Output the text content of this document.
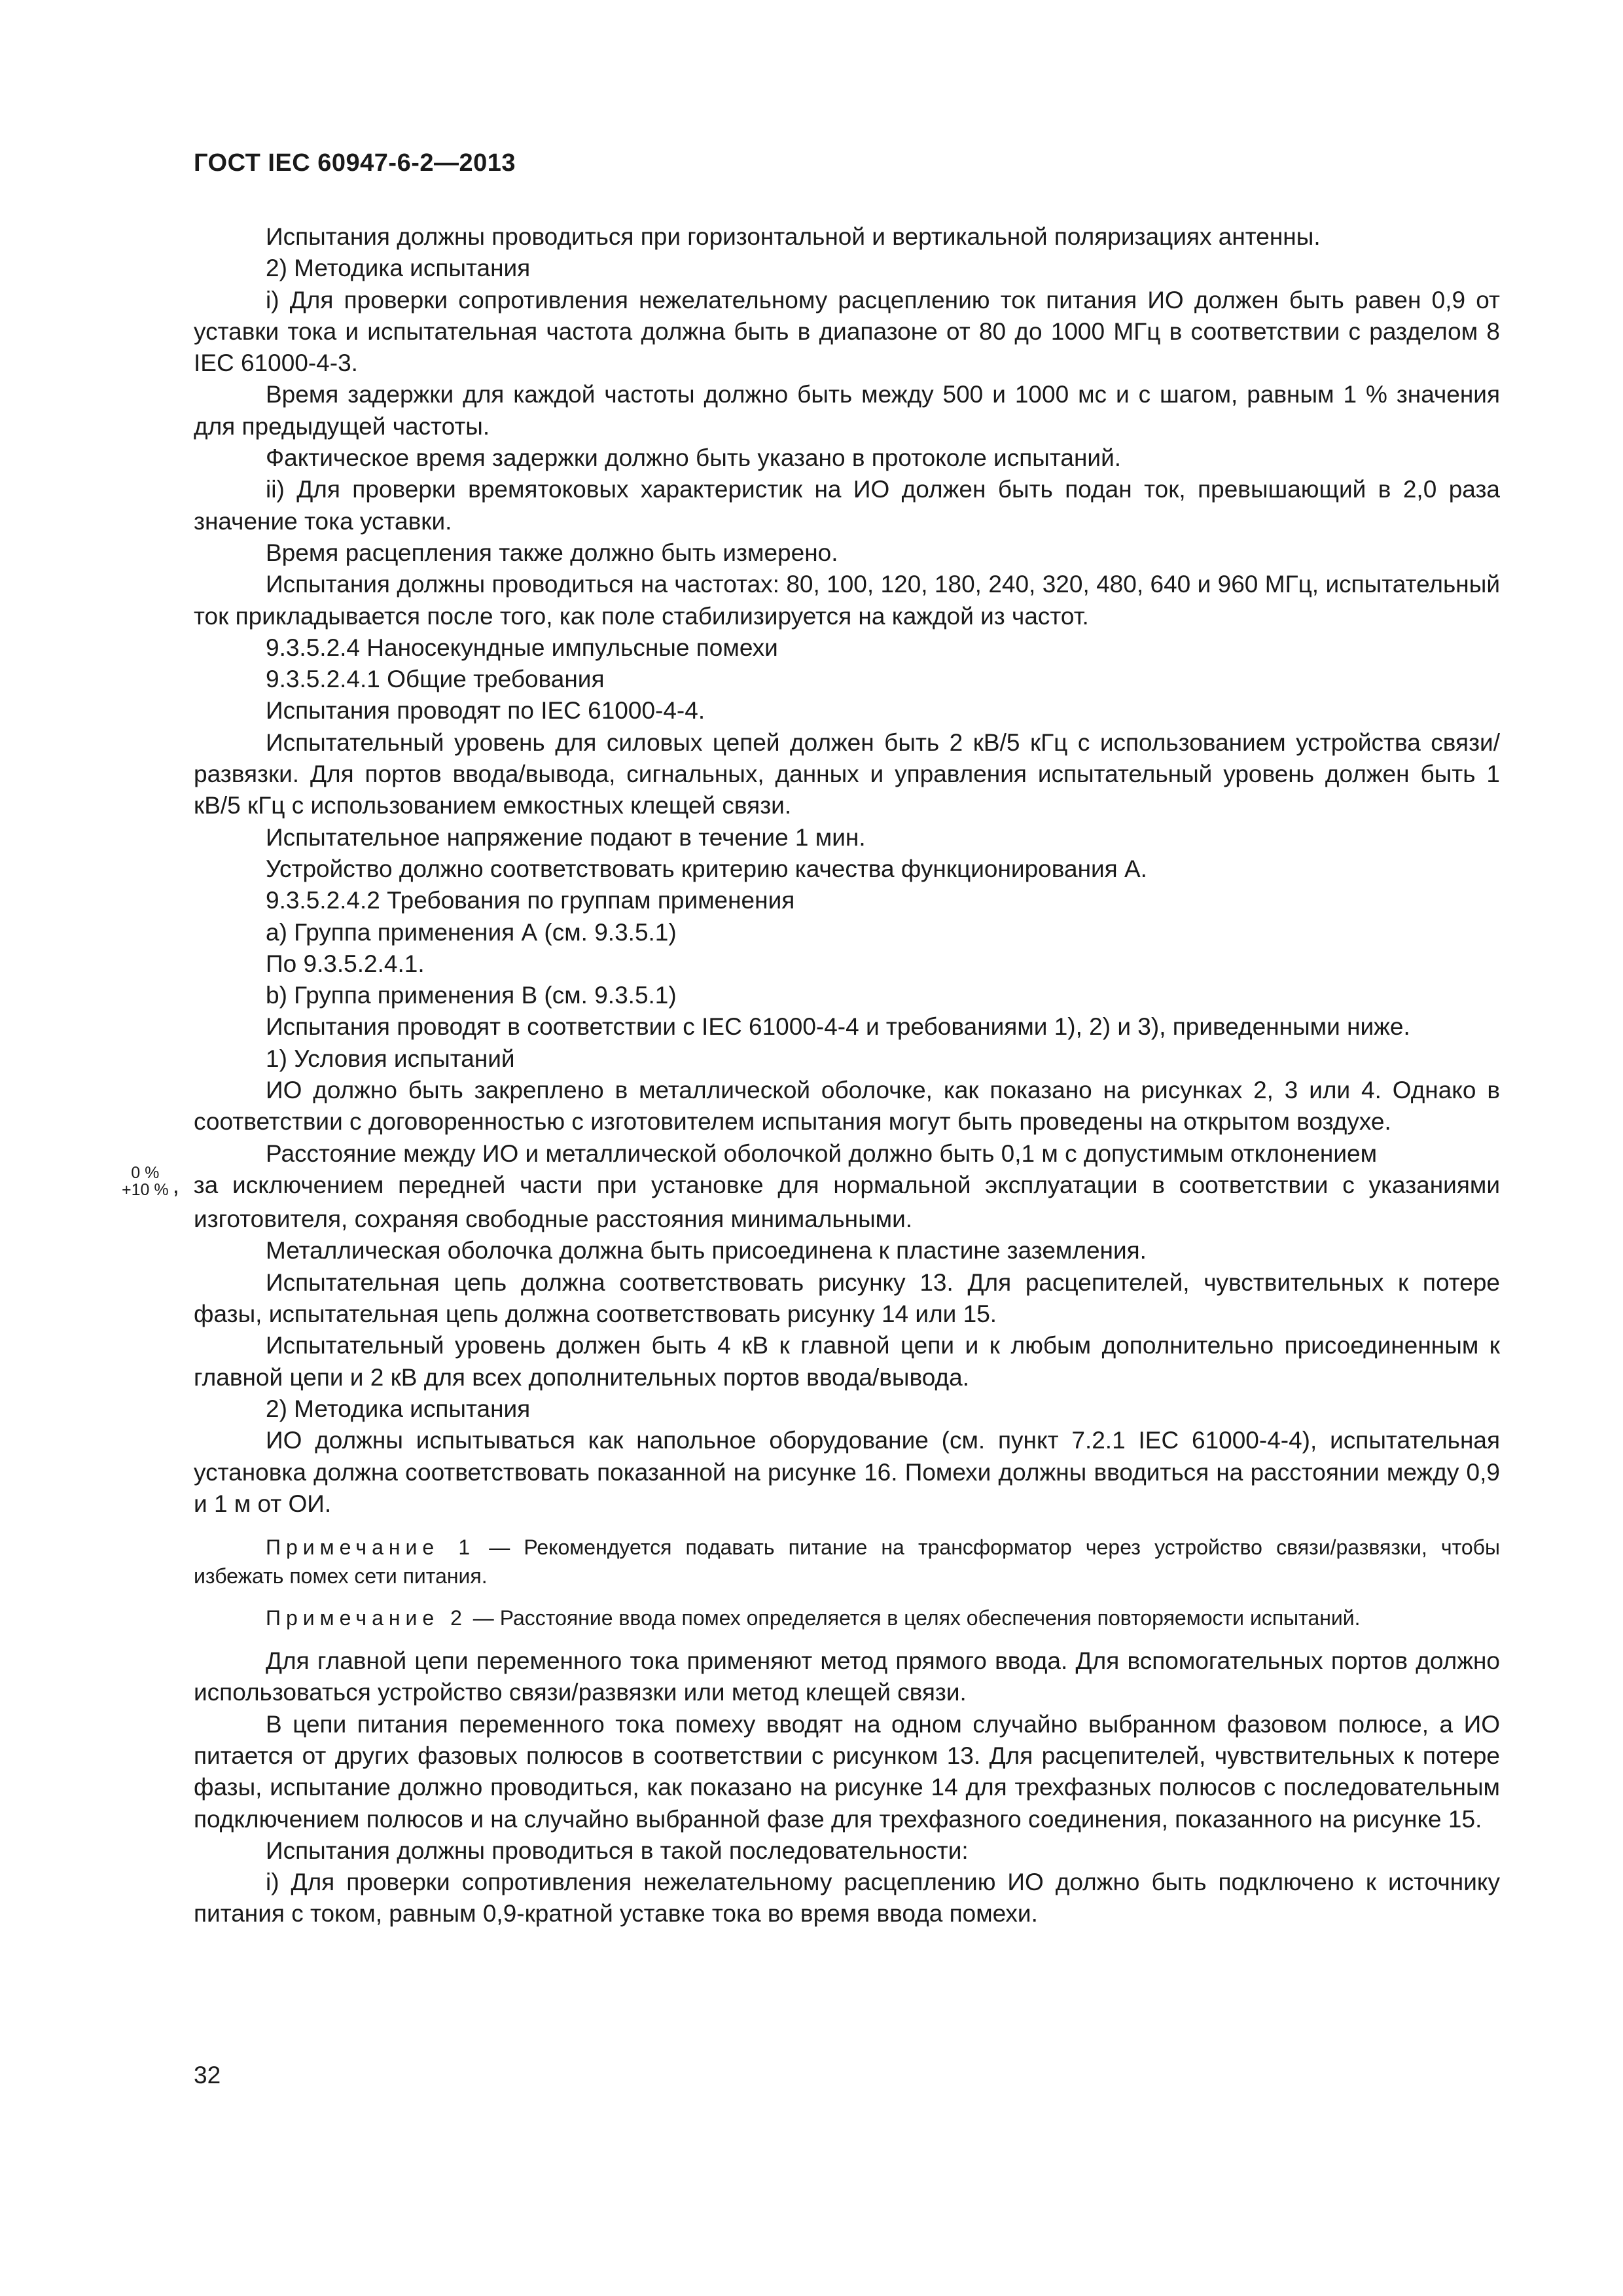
ГОСТ IEC 60947-6-2—2013

Испытания должны проводиться при горизонтальной и вертикальной поляризациях антенны.

2) Методика испытания

i) Для проверки сопротивления нежелательному расцеплению ток питания ИО должен быть равен 0,9 от уставки тока и испытательная частота должна быть в диапазоне от 80 до 1000 МГц в соответствии с разделом 8 IEC 61000-4-3.

Время задержки для каждой частоты должно быть между 500 и 1000 мс и с шагом, равным 1 % значения для предыдущей частоты.

Фактическое время задержки должно быть указано в протоколе испытаний.

ii) Для проверки времятоковых характеристик на ИО должен быть подан ток, превышающий в 2,0 раза значение тока уставки.

Время расцепления также должно быть измерено.

Испытания должны проводиться на частотах: 80, 100, 120, 180, 240, 320, 480, 640 и 960 МГц, испытательный ток прикладывается после того, как поле стабилизируется на каждой из частот.

9.3.5.2.4 Наносекундные импульсные помехи

9.3.5.2.4.1 Общие требования

Испытания проводят по IEC 61000-4-4.

Испытательный уровень для силовых цепей должен быть 2 кВ/5 кГц с использованием устройства связи/развязки. Для портов ввода/вывода, сигнальных, данных и управления испытательный уровень должен быть 1 кВ/5 кГц с использованием емкостных клещей связи.

Испытательное напряжение подают в течение 1 мин.

Устройство должно соответствовать критерию качества функционирования А.

9.3.5.2.4.2 Требования по группам применения

а) Группа применения А (см. 9.3.5.1)

По 9.3.5.2.4.1.

b) Группа применения В (см. 9.3.5.1)

Испытания проводят в соответствии с IEC 61000-4-4 и требованиями 1), 2) и 3), приведенными ниже.

1) Условия испытаний

ИО должно быть закреплено в металлической оболочке, как показано на рисунках 2, 3 или 4. Однако в соответствии с договоренностью с изготовителем испытания могут быть проведены на открытом воздухе.

Расстояние между ИО и металлической оболочкой должно быть 0,1 м с допустимым отклонением

0 %
+10 % , за исключением передней части при установке для нормальной эксплуатации в соответствии с указаниями изготовителя, сохраняя свободные расстояния минимальными.

Металлическая оболочка должна быть присоединена к пластине заземления.

Испытательная цепь должна соответствовать рисунку 13. Для расцепителей, чувствительных к потере фазы, испытательная цепь должна соответствовать рисунку 14 или 15.

Испытательный уровень должен быть 4 кВ к главной цепи и к любым дополнительно присоединенным к главной цепи и 2 кВ для всех дополнительных портов ввода/вывода.

2) Методика испытания

ИО должны испытываться как напольное оборудование (см. пункт 7.2.1 IEC 61000-4-4), испытательная установка должна соответствовать показанной на рисунке 16. Помехи должны вводиться на расстоянии между 0,9 и 1 м от ОИ.

Примечание 1 — Рекомендуется подавать питание на трансформатор через устройство связи/развязки, чтобы избежать помех сети питания.

Примечание 2 — Расстояние ввода помех определяется в целях обеспечения повторяемости испытаний.

Для главной цепи переменного тока применяют метод прямого ввода. Для вспомогательных портов должно использоваться устройство связи/развязки или метод клещей связи.

В цепи питания переменного тока помеху вводят на одном случайно выбранном фазовом полюсе, а ИО питается от других фазовых полюсов в соответствии с рисунком 13. Для расцепителей, чувствительных к потере фазы, испытание должно проводиться, как показано на рисунке 14 для трехфазных полюсов с последовательным подключением полюсов и на случайно выбранной фазе для трехфазного соединения, показанного на рисунке 15.

Испытания должны проводиться в такой последовательности:

i) Для проверки сопротивления нежелательному расцеплению ИО должно быть подключено к источнику питания с током, равным 0,9-кратной уставке тока во время ввода помехи.

32
